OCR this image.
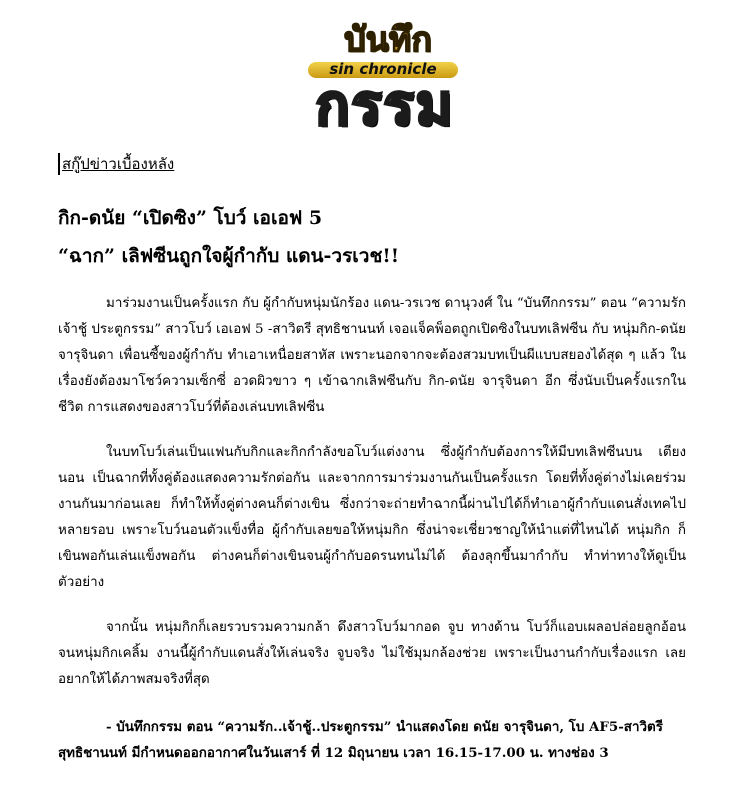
บันทึก
sin chronicle
กรรม
สกู๊ปข่าวเบื้องหลัง
กิก-ดนัย “เปิดซิง” โบว์ เอเอฟ 5
“ฉาก” เลิฟซีนถูกใจผู้กำกับ แดน-วรเวช!!
มาร่วมงานเป็นครั้งแรก กับ ผู้กำกับหนุ่มนักร้อง แดน-วรเวช ดานุวงศ์ ใน “บันทึกกรรม” ตอน “ความรัก เจ้าชู้ ประตูกรรม” สาวโบว์ เอเอฟ 5 -สาวิตรี สุทธิชานนท์ เจอแจ็คพ็อตถูกเปิดซิงในบทเลิฟซีน กับ หนุ่มกิก-ดนัย จารุจินดา เพื่อนซี้ของผู้กำกับ ทำเอาเหนื่อยสาหัส เพราะนอกจากจะต้องสวมบทเป็นผีแบบสยองได้สุด ๆ แล้ว ในเรื่องยังต้องมาโชว์ความเซ็กซี่ อวดผิวขาว ๆ เข้าฉากเลิฟซีนกับ กิก-ดนัย จารุจินดา อีก ซึ่งนับเป็นครั้งแรกในชีวิต การแสดงของสาวโบว์ที่ต้องเล่นบทเลิฟซีน
ในบทโบว์เล่นเป็นแฟนกับกิกและกิกกำลังขอโบว์แต่งงาน ซึ่งผู้กำกับต้องการให้มีบทเลิฟซีนบน เตียงนอน เป็นฉากที่ทั้งคู่ต้องแสดงความรักต่อกัน และจากการมาร่วมงานกันเป็นครั้งแรก โดยที่ทั้งคู่ต่างไม่เคยร่วมงานกันมาก่อนเลย ก็ทำให้ทั้งคู่ต่างคนก็ต่างเขิน ซึ่งกว่าจะถ่ายทำฉากนี้ผ่านไปได้ก็ทำเอาผู้กำกับแดนสั่งเทคไปหลายรอบ เพราะโบว์นอนตัวแข็งทื่อ ผู้กำกับเลยขอให้หนุ่มกิก ซึ่งน่าจะเชี่ยวชาญให้นำแต่ที่ไหนได้ หนุ่มกิก ก็เขินพอกันเล่นแข็งพอกัน ต่างคนก็ต่างเขินจนผู้กำกับอดรนทนไม่ได้ ต้องลุกขึ้นมากำกับ ทำท่าทางให้ดูเป็นตัวอย่าง
จากนั้น หนุ่มกิกก็เลยรวบรวมความกล้า ดึงสาวโบว์มากอด จูบ ทางด้าน โบว์ก็แอบเผลอปล่อยลูกอ้อนจนหนุ่มกิกเคลิ้ม งานนี้ผู้กำกับแดนสั่งให้เล่นจริง จูบจริง ไม่ใช้มุมกล้องช่วย เพราะเป็นงานกำกับเรื่องแรก เลยอยากให้ได้ภาพสมจริงที่สุด
- บันทึกกรรม ตอน “ความรัก..เจ้าชู้..ประตูกรรม” นำแสดงโดย ดนัย จารุจินดา, โบ AF5-สาวิตรี สุทธิชานนท์ มีกำหนดออกอากาศในวันเสาร์ ที่ 12 มิถุนายน เวลา 16.15-17.00 น. ทางช่อง 3
